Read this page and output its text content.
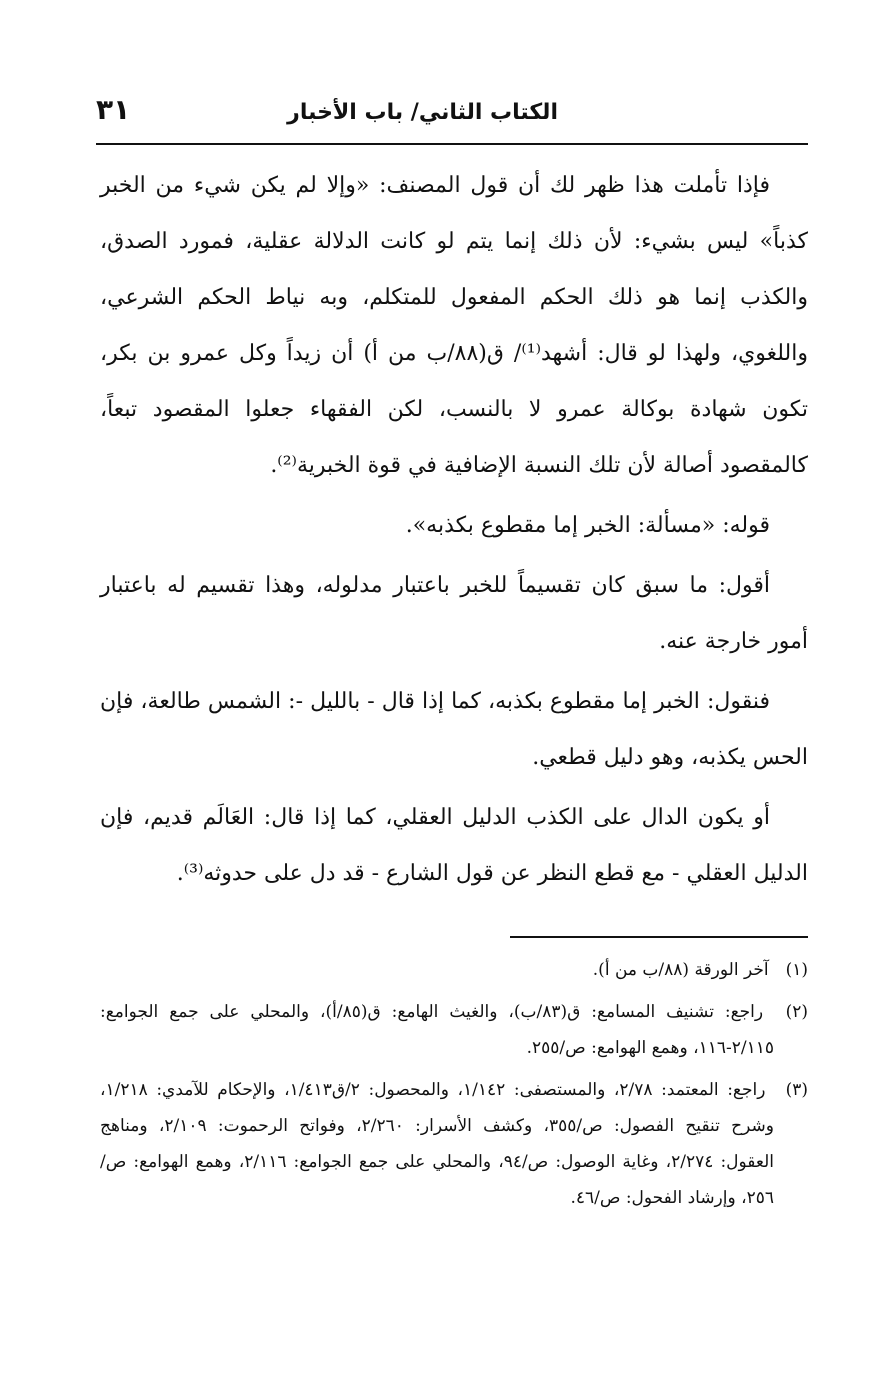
الكتاب الثاني/ باب الأخبار
٣١

فإذا تأملت هذا ظهر لك أن قول المصنف: «وإلا لم يكن شيء من الخبر كذباً» ليس بشيء: لأن ذلك إنما يتم لو كانت الدلالة عقلية، فمورد الصدق، والكذب إنما هو ذلك الحكم المفعول للمتكلم، وبه نياط الحكم الشرعي، واللغوي، ولهذا لو قال: أشهد⁽¹⁾/ ق(٨٨/ب من أ) أن زيداً وكل عمرو بن بكر، تكون شهادة بوكالة عمرو لا بالنسب، لكن الفقهاء جعلوا المقصود تبعاً، كالمقصود أصالة لأن تلك النسبة الإضافية في قوة الخبرية⁽²⁾.

قوله: «مسألة: الخبر إما مقطوع بكذبه».

أقول: ما سبق كان تقسيماً للخبر باعتبار مدلوله، وهذا تقسيم له باعتبار أمور خارجة عنه.

فنقول: الخبر إما مقطوع بكذبه، كما إذا قال - بالليل -: الشمس طالعة، فإن الحس يكذبه، وهو دليل قطعي.

أو يكون الدال على الكذب الدليل العقلي، كما إذا قال: العَالَم قديم، فإن الدليل العقلي - مع قطع النظر عن قول الشارع - قد دل على حدوثه⁽³⁾.

(١) آخر الورقة (٨٨/ب من أ).

(٢) راجع: تشنيف المسامع: ق(٨٣/ب)، والغيث الهامع: ق(٨٥/أ)، والمحلي على جمع الجوامع: ٢/١١٥-١١٦، وهمع الهوامع: ص/٢٥٥.

(٣) راجع: المعتمد: ٢/٧٨، والمستصفى: ١/١٤٢، والمحصول: ٢/ق١/٤١٣، والإحكام للآمدي: ١/٢١٨، وشرح تنقيح الفصول: ص/٣٥٥، وكشف الأسرار: ٢/٢٦٠، وفواتح الرحموت: ٢/١٠٩، ومناهج العقول: ٢/٢٧٤، وغاية الوصول: ص/٩٤، والمحلي على جمع الجوامع: ٢/١١٦، وهمع الهوامع: ص/٢٥٦، وإرشاد الفحول: ص/٤٦.
